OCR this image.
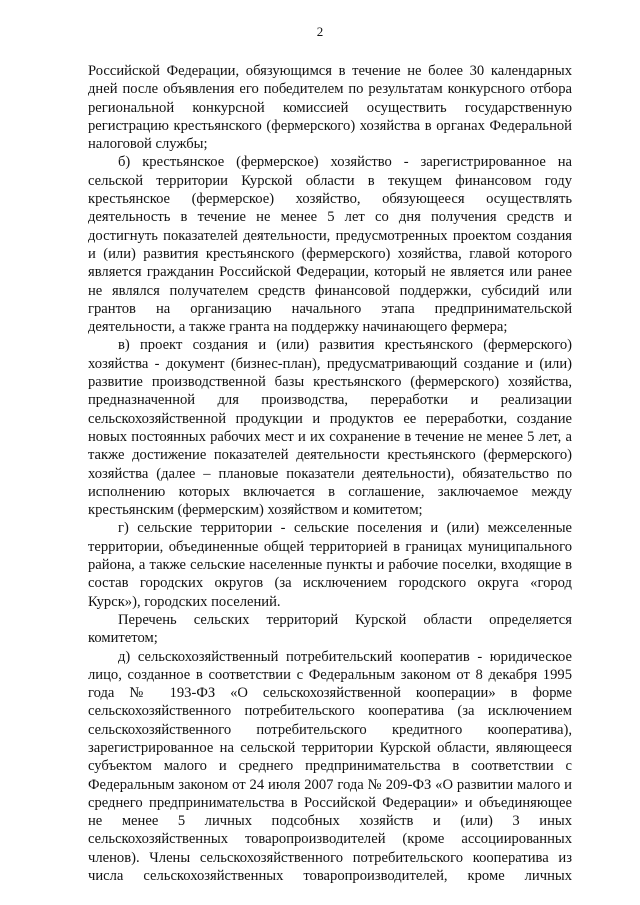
2

Российской Федерации, обязующимся в течение не более 30 календарных дней после объявления его победителем по результатам конкурсного отбора региональной конкурсной комиссией осуществить государственную регистрацию крестьянского (фермерского) хозяйства в органах Федеральной налоговой службы;

б) крестьянское (фермерское) хозяйство - зарегистрированное на сельской территории Курской области в текущем финансовом году крестьянское (фермерское) хозяйство, обязующееся осуществлять деятельность в течение не менее 5 лет со дня получения средств и достигнуть показателей деятельности, предусмотренных проектом создания и (или) развития крестьянского (фермерского) хозяйства, главой которого является гражданин Российской Федерации, который не является или ранее не являлся получателем средств финансовой поддержки, субсидий или грантов на организацию начального этапа предпринимательской деятельности, а также гранта на поддержку начинающего фермера;

в) проект создания и (или) развития крестьянского (фермерского) хозяйства - документ (бизнес-план), предусматривающий создание и (или) развитие производственной базы крестьянского (фермерского) хозяйства, предназначенной для производства, переработки и реализации сельскохозяйственной продукции и продуктов ее переработки, создание новых постоянных рабочих мест и их сохранение в течение не менее 5 лет, а также достижение показателей деятельности крестьянского (фермерского) хозяйства (далее – плановые показатели деятельности), обязательство по исполнению которых включается в соглашение, заключаемое между крестьянским (фермерским) хозяйством и комитетом;

г) сельские территории - сельские поселения и (или) межселенные территории, объединенные общей территорией в границах муниципального района, а также сельские населенные пункты и рабочие поселки, входящие в состав городских округов (за исключением городского округа «город Курск»), городских поселений.

Перечень сельских территорий Курской области определяется комитетом;

д) сельскохозяйственный потребительский кооператив - юридическое лицо, созданное в соответствии с Федеральным законом от 8 декабря 1995 года № 193-ФЗ «О сельскохозяйственной кооперации» в форме сельскохозяйственного потребительского кооператива (за исключением сельскохозяйственного потребительского кредитного кооператива), зарегистрированное на сельской территории Курской области, являющееся субъектом малого и среднего предпринимательства в соответствии с Федеральным законом от 24 июля 2007 года № 209-ФЗ «О развитии малого и среднего предпринимательства в Российской Федерации» и объединяющее не менее 5 личных подсобных хозяйств и (или) 3 иных сельскохозяйственных товаропроизводителей (кроме ассоциированных членов). Члены сельскохозяйственного потребительского кооператива из числа сельскохозяйственных товаропроизводителей, кроме личных
